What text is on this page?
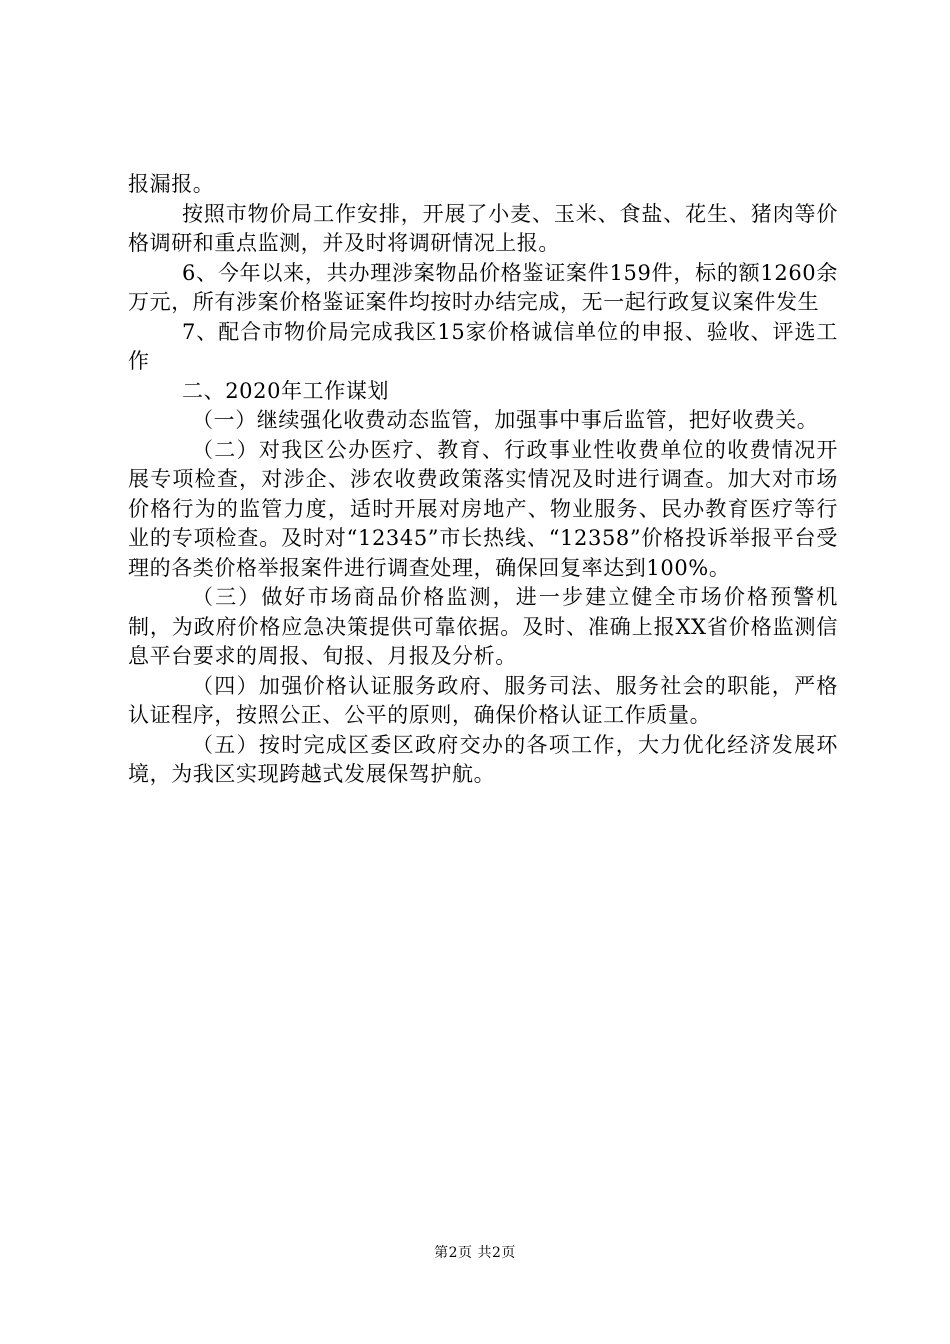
报漏报。

按照市物价局工作安排，开展了小麦、玉米、食盐、花生、猪肉等价格调研和重点监测，并及时将调研情况上报。

6、今年以来，共办理涉案物品价格鉴证案件159件，标的额1260余万元，所有涉案价格鉴证案件均按时办结完成，无一起行政复议案件发生

7、配合市物价局完成我区15家价格诚信单位的申报、验收、评选工作

二、2020年工作谋划

（一）继续强化收费动态监管，加强事中事后监管，把好收费关。

（二）对我区公办医疗、教育、行政事业性收费单位的收费情况开展专项检查，对涉企、涉农收费政策落实情况及时进行调查。加大对市场价格行为的监管力度，适时开展对房地产、物业服务、民办教育医疗等行业的专项检查。及时对“12345”市长热线、“12358”价格投诉举报平台受理的各类价格举报案件进行调查处理，确保回复率达到100%。

（三）做好市场商品价格监测，进一步建立健全市场价格预警机制，为政府价格应急决策提供可靠依据。及时、准确上报XX省价格监测信息平台要求的周报、旬报、月报及分析。

（四）加强价格认证服务政府、服务司法、服务社会的职能，严格认证程序，按照公正、公平的原则，确保价格认证工作质量。

（五）按时完成区委区政府交办的各项工作，大力优化经济发展环境，为我区实现跨越式发展保驾护航。

第2页 共2页
